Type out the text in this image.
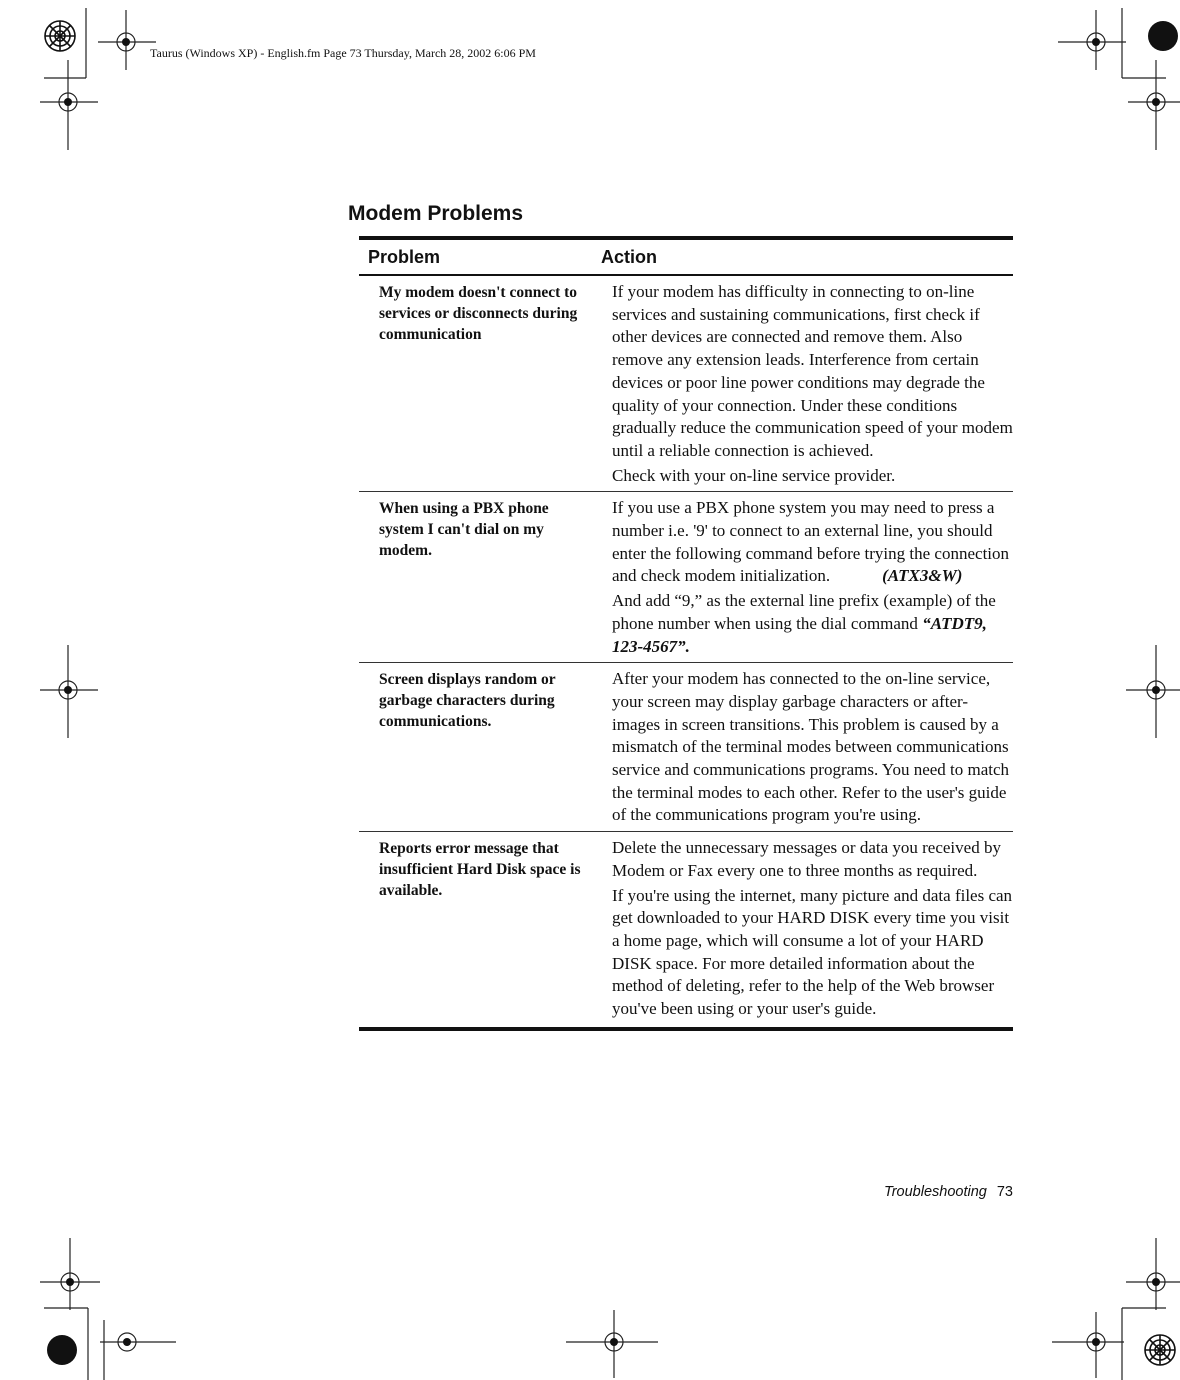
Taurus (Windows XP) - English.fm Page 73 Thursday, March 28, 2002 6:06 PM
Modem Problems
Problem	Action
My modem doesn't connect to services or disconnects during communication

If your modem has difficulty in connecting to on-line services and sustaining communications, first check if other devices are connected and remove them. Also remove any extension leads. Interference from certain devices or poor line power conditions may degrade the quality of your connection. Under these conditions gradually reduce the communication speed of your modem until a reliable connection is achieved.

Check with your on-line service provider.

When using a PBX phone system I can't dial on my modem.

If you use a PBX phone system you may need to press a number i.e. '9' to connect to an external line, you should enter the following command before trying the connection and check modem initialization.	(ATX3&W)

And add “9,” as the external line prefix (example) of the phone number when using the dial command “ATDT9, 123-4567”.

Screen displays random or garbage characters during communications.

After your modem has connected to the on-line service, your screen may display garbage characters or after-images in screen transitions. This problem is caused by a mismatch of the terminal modes between communications service and communications programs. You need to match the terminal modes to each other. Refer to the user's guide of the communications program you're using.

Reports error message that insufficient Hard Disk space is available.

Delete the unnecessary messages or data you received by Modem or Fax every one to three months as required.

If you're using the internet, many picture and data files can get downloaded to your HARD DISK every time you visit a home page, which will consume a lot of your HARD DISK space. For more detailed information about the method of deleting, refer to the help of the Web browser you've been using or your user's guide.

Troubleshooting 73
